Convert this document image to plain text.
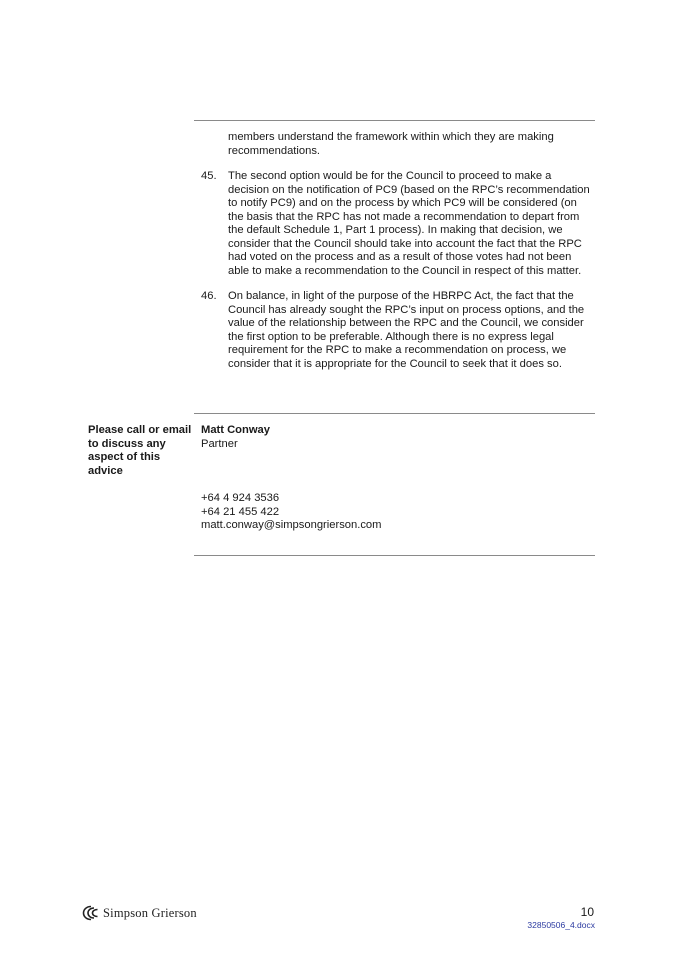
members understand the framework within which they are making recommendations.
45. The second option would be for the Council to proceed to make a decision on the notification of PC9 (based on the RPC’s recommendation to notify PC9) and on the process by which PC9 will be considered (on the basis that the RPC has not made a recommendation to depart from the default Schedule 1, Part 1 process). In making that decision, we consider that the Council should take into account the fact that the RPC had voted on the process and as a result of those votes had not been able to make a recommendation to the Council in respect of this matter.
46. On balance, in light of the purpose of the HBRPC Act, the fact that the Council has already sought the RPC’s input on process options, and the value of the relationship between the RPC and the Council, we consider the first option to be preferable. Although there is no express legal requirement for the RPC to make a recommendation on process, we consider that it is appropriate for the Council to seek that it does so.
Please call or email to discuss any aspect of this advice
Matt Conway
Partner
+64 4 924 3536
+64 21 455 422
matt.conway@simpsongrierson.com
Simpson Grierson	10
32850506_4.docx
